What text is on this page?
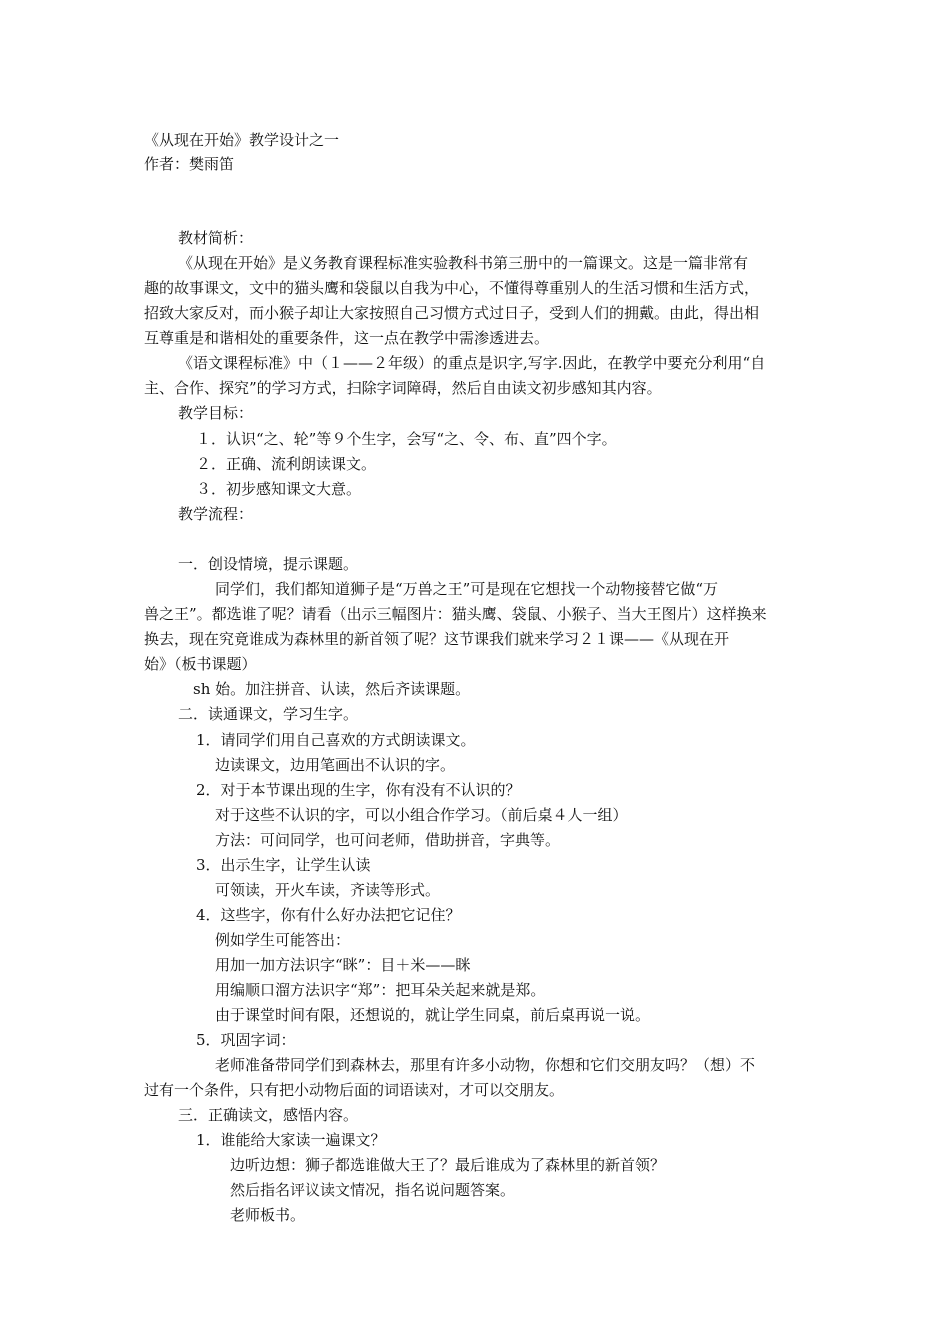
《从现在开始》教学设计之一

作者：樊雨笛

教材简析：

《从现在开始》是义务教育课程标准实验教科书第三册中的一篇课文。这是一篇非常有

趣的故事课文，文中的猫头鹰和袋鼠以自我为中心，不懂得尊重别人的生活习惯和生活方式，

招致大家反对，而小猴子却让大家按照自己习惯方式过日子，受到人们的拥戴。由此，得出相

互尊重是和谐相处的重要条件，这一点在教学中需渗透进去。

《语文课程标准》中（１——２年级）的重点是识字,写字.因此，在教学中要充分利用“自

主、合作、探究”的学习方式，扫除字词障碍，然后自由读文初步感知其内容。

教学目标：

１．认识“之、轮”等９个生字，会写“之、令、布、直”四个字。

２．正确、流利朗读课文。

３．初步感知课文大意。

教学流程：

一．创设情境，提示课题。

同学们，我们都知道狮子是“万兽之王”可是现在它想找一个动物接替它做“万

兽之王”。都选谁了呢？请看（出示三幅图片：猫头鹰、袋鼠、小猴子、当大王图片）这样换来

换去，现在究竟谁成为森林里的新首领了呢？这节课我们就来学习２１课——《从现在开

始》（板书课题）

sh 始。加注拼音、认读，然后齐读课题。

二．读通课文，学习生字。

1．请同学们用自己喜欢的方式朗读课文。

边读课文，边用笔画出不认识的字。

2．对于本节课出现的生字，你有没有不认识的？

对于这些不认识的字，可以小组合作学习。（前后桌４人一组）

方法：可问同学，也可问老师，借助拼音，字典等。

3．出示生字，让学生认读

可领读，开火车读，齐读等形式。

4．这些字，你有什么好办法把它记住？

例如学生可能答出：

用加一加方法识字“眯”：目＋米——眯

用编顺口溜方法识字“郑”：把耳朵关起来就是郑。

由于课堂时间有限，还想说的，就让学生同桌，前后桌再说一说。

5．巩固字词：

老师准备带同学们到森林去，那里有许多小动物，你想和它们交朋友吗？（想）不

过有一个条件，只有把小动物后面的词语读对，才可以交朋友。

三．正确读文，感悟内容。

1．谁能给大家读一遍课文？

边听边想：狮子都选谁做大王了？最后谁成为了森林里的新首领？

然后指名评议读文情况，指名说问题答案。

老师板书。
